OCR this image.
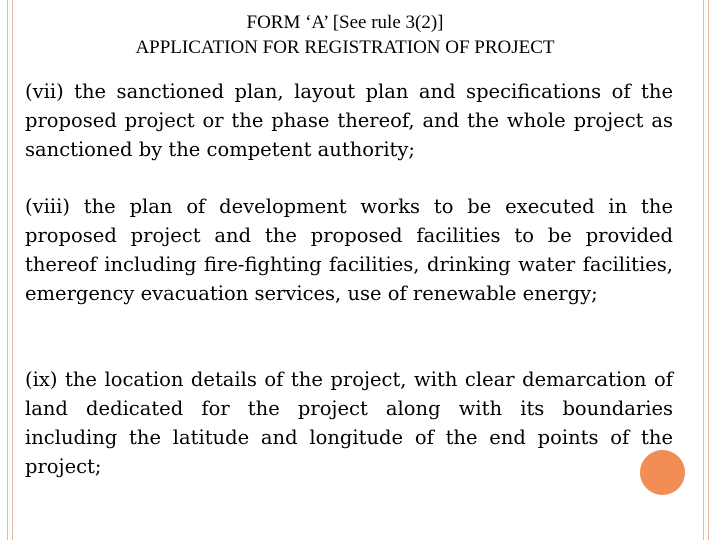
FORM ‘A’ [See rule 3(2)]
APPLICATION FOR REGISTRATION OF PROJECT
(vii) the sanctioned plan, layout plan and specifications of the proposed project or the phase thereof, and the whole project as sanctioned by the competent authority;
(viii) the plan of development works to be executed in the proposed project and the proposed facilities to be provided thereof including fire-fighting facilities, drinking water facilities, emergency evacuation services, use of renewable energy;
(ix) the location details of the project, with clear demarcation of land dedicated for the project along with its boundaries including the latitude and longitude of the end points of the project;
